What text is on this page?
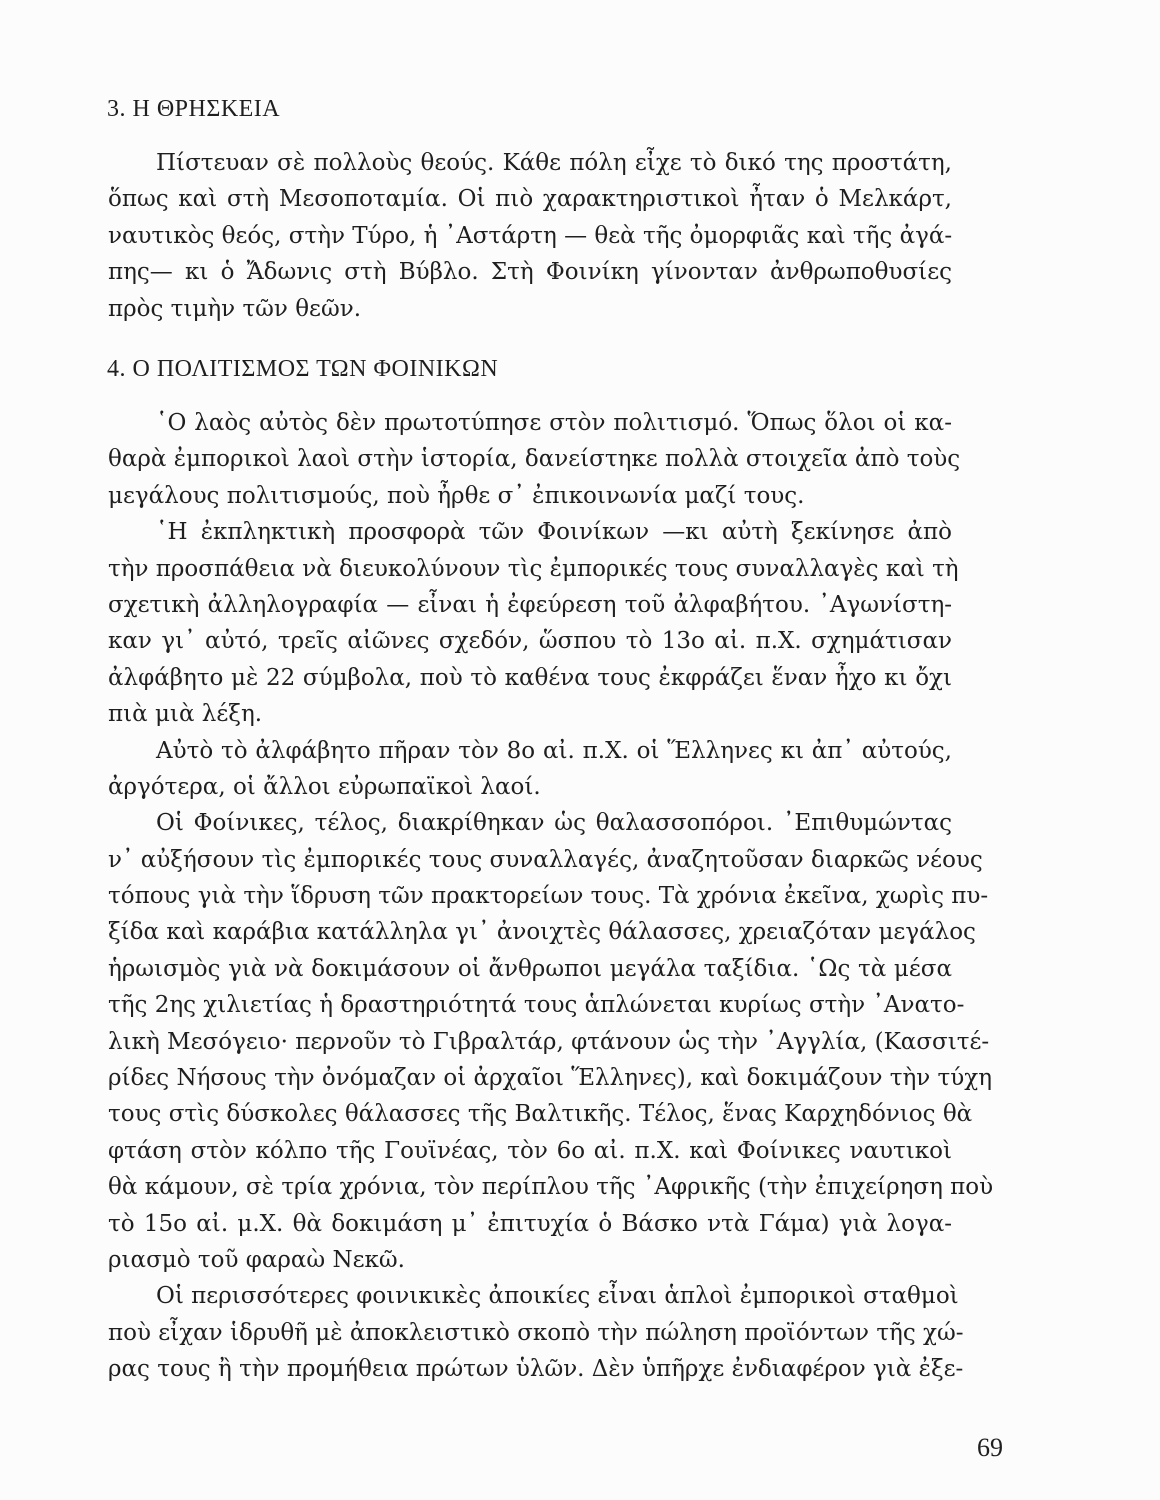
3. Η ΘΡΗΣΚΕΙΑ
Πίστευαν σὲ πολλοὺς θεούς. Κάθε πόλη εἶχε τὸ δικό της προστάτη,
ὅπως καὶ στὴ Μεσοποταμία. Οἱ πιὸ χαρακτηριστικοὶ ἦταν ὁ Μελκάρτ,
ναυτικὸς θεός, στὴν Τύρο, ἡ ᾿Αστάρτη — θεὰ τῆς ὀμορφιᾶς καὶ τῆς ἀγά-
πης— κι ὁ Ἄδωνις στὴ Βύβλο. Στὴ Φοινίκη γίνονταν ἀνθρωποθυσίες
πρὸς τιμὴν τῶν θεῶν.
4. Ο ΠΟΛΙΤΙΣΜΟΣ ΤΩΝ ΦΟΙΝΙΚΩΝ
῾Ο λαὸς αὐτὸς δὲν πρωτοτύπησε στὸν πολιτισμό. Ὅπως ὅλοι οἱ κα-
θαρὰ ἐμπορικοὶ λαοὶ στὴν ἱστορία, δανείστηκε πολλὰ στοιχεῖα ἀπὸ τοὺς
μεγάλους πολιτισμούς, ποὺ ἦρθε σ᾿ ἐπικοινωνία μαζί τους.
῾Η ἐκπληκτικὴ προσφορὰ τῶν Φοινίκων —κι αὐτὴ ξεκίνησε ἀπὸ
τὴν προσπάθεια νὰ διευκολύνουν τὶς ἐμπορικές τους συναλλαγὲς καὶ τὴ
σχετικὴ ἀλληλογραφία — εἶναι ἡ ἐφεύρεση τοῦ ἀλφαβήτου. ᾿Αγωνίστη-
καν γι᾿ αὐτό, τρεῖς αἰῶνες σχεδόν, ὥσπου τὸ 13ο αἰ. π.Χ. σχημάτισαν
ἀλφάβητο μὲ 22 σύμβολα, ποὺ τὸ καθένα τους ἐκφράζει ἕναν ἦχο κι ὄχι
πιὰ μιὰ λέξη.
Αὐτὸ τὸ ἀλφάβητο πῆραν τὸν 8ο αἰ. π.Χ. οἱ Ἕλληνες κι ἀπ᾿ αὐτούς,
ἀργότερα, οἱ ἄλλοι εὐρωπαϊκοὶ λαοί.
Οἱ Φοίνικες, τέλος, διακρίθηκαν ὡς θαλασσοπόροι. ᾿Επιθυμώντας
ν᾿ αὐξήσουν τὶς ἐμπορικές τους συναλλαγές, ἀναζητοῦσαν διαρκῶς νέους
τόπους γιὰ τὴν ἵδρυση τῶν πρακτορείων τους. Τὰ χρόνια ἐκεῖνα, χωρὶς πυ-
ξίδα καὶ καράβια κατάλληλα γι᾿ ἀνοιχτὲς θάλασσες, χρειαζόταν μεγάλος
ἡρωισμὸς γιὰ νὰ δοκιμάσουν οἱ ἄνθρωποι μεγάλα ταξίδια. ῾Ως τὰ μέσα
τῆς 2ης χιλιετίας ἡ δραστηριότητά τους ἁπλώνεται κυρίως στὴν ᾿Ανατο-
λικὴ Μεσόγειο· περνοῦν τὸ Γιβραλτάρ, φτάνουν ὡς τὴν ᾿Αγγλία, (Κασσιτέ-
ρίδες Νήσους τὴν ὀνόμαζαν οἱ ἀρχαῖοι Ἕλληνες), καὶ δοκιμάζουν τὴν τύχη
τους στὶς δύσκολες θάλασσες τῆς Βαλτικῆς. Τέλος, ἕνας Καρχηδόνιος θὰ
φτάση στὸν κόλπο τῆς Γουϊνέας, τὸν 6ο αἰ. π.Χ. καὶ Φοίνικες ναυτικοὶ
θὰ κάμουν, σὲ τρία χρόνια, τὸν περίπλου τῆς ᾿Αφρικῆς (τὴν ἐπιχείρηση ποὺ
τὸ 15ο αἰ. μ.Χ. θὰ δοκιμάση μ᾿ ἐπιτυχία ὁ Βάσκο ντὰ Γάμα) γιὰ λογα-
ριασμὸ τοῦ φαραὼ Νεκῶ.
Οἱ περισσότερες φοινικικὲς ἀποικίες εἶναι ἁπλοὶ ἐμπορικοὶ σταθμοὶ
ποὺ εἶχαν ἱδρυθῆ μὲ ἀποκλειστικὸ σκοπὸ τὴν πώληση προϊόντων τῆς χώ-
ρας τους ἢ τὴν προμήθεια πρώτων ὑλῶν. Δὲν ὑπῆρχε ἐνδιαφέρον γιὰ ἐξε-

69
